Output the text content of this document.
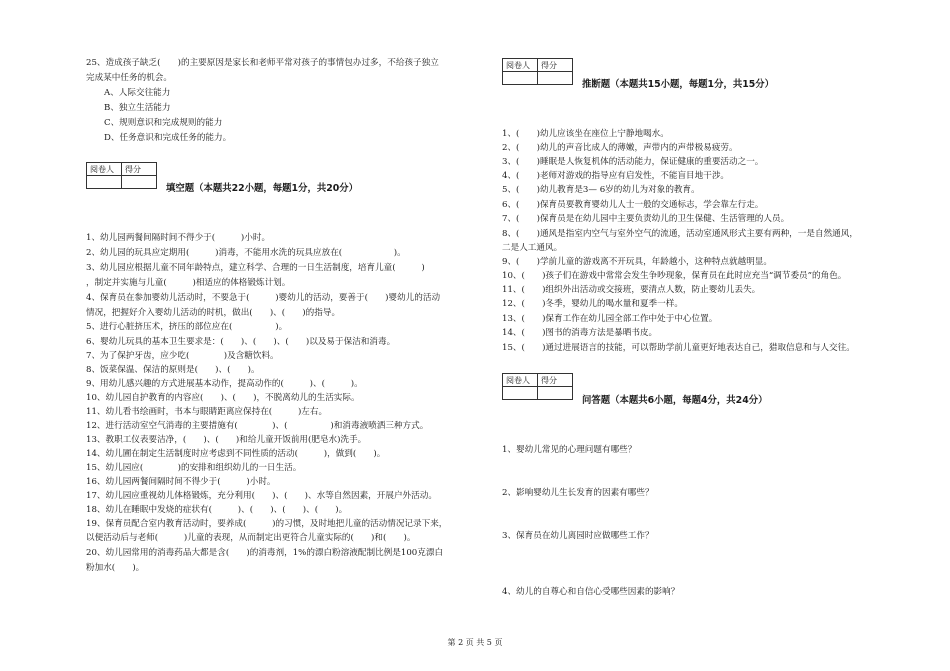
25、造成孩子缺乏(　　)的主要原因是家长和老师平常对孩子的事情包办过多，不给孩子独立
完成某中任务的机会。
A、人际交往能力
B、独立生活能力
C、规则意识和完成规则的能力
D、任务意识和完成任务的能力。
阅卷人	得分

填空题（本题共22小题，每题1分，共20分）
1、幼儿园两餐间隔时间不得少于(　　　)小时。
2、幼儿园的玩具应定期用(　　　)消毒，不能用水洗的玩具应放在(　　　　　　)。
3、幼儿园应根据儿童不同年龄特点，建立科学、合理的一日生活制度，培育儿童(　　　)
，制定并实施与儿童(　　　)相适应的体格锻炼计划。
4、保育员在参加婴幼儿活动时，不要急于(　　　)婴幼儿的活动，要善于(　　)婴幼儿的活动
情况，把握好介入婴幼儿活动的时机，做出(　　)、(　　)的指导。
5、进行心脏挤压术，挤压的部位应在(　　　　　)。
6、婴幼儿玩具的基本卫生要求是：(　　)、(　　)、(　　)以及易于保洁和消毒。
7、为了保护牙齿，应少吃(　　　　)及含糖饮料。
8、饭菜保温、保洁的原则是(　　)、(　　)。
9、用幼儿感兴趣的方式进展基本动作，提高动作的(　　　)、(　　　)。
10、幼儿园自护教育的内容应(　　)、(　　)，不脱离幼儿的生活实际。
11、幼儿看书绘画时，书本与眼睛距离应保持在(　　　)左右。
12、进行活动室空气消毒的主要措施有(　　　　)、(　　　　　)和消毒液喷洒三种方式。
13、教职工仪表要洁净，(　　)、(　　)和给儿童开饭前用(肥皂水)洗手。
14、幼儿圃在制定生活制度时应考虑到不同性质的活动(　　　)，做到(　　)。
15、幼儿园应(　　　　)的安排和组织幼儿的一日生活。
16、幼儿园两餐间隔时间不得少于(　　　)小时。
17、幼儿园应重视幼儿体格锻炼，充分利用(　　)、(　　)、水等自然因素，开展户外活动。
18、幼儿在睡眠中发烧的症状有(　　　)、(　　)、(　　)、(　　)。
19、保育员配合室内教育活动时，要养成(　　　)的习惯，及时地把儿童的活动情况记录下来，
以便活动后与老师(　　　)儿童的表现，从而制定出更符合儿童实际的(　　)和(　　)。
20、幼儿园常用的消毒药品大都是含(　　)的消毒剂，1%的漂白粉溶液配制比例是100克漂白
粉加水(　　)。
阅卷人	得分

推断题（本题共15小题，每题1分，共15分）
1、(　　)幼儿应该坐在座位上宁静地喝水。
2、(　　)幼儿的声音比成人的薄嫩，声带内的声带极易疲劳。
3、(　　)睡眠是人恢复机体的活动能力，保证健康的重要活动之一。
4、(　　)老师对游戏的指导应有启发性，不能盲目地干涉。
5、(　　)幼儿教育是3— 6岁的幼儿为对象的教育。
6、(　　)保育员要教育婴幼儿人士一般的交通标志，学会靠左行走。
7、(　　)保育员是在幼儿园中主要负责幼儿的卫生保健、生活管理的人员。
8、(　　)通风是指室内空气与室外空气的流通，活动室通风形式主要有两种，一是自然通风，
二是人工通风。
9、(　　)学前儿童的游戏离不开玩具，年龄越小，这种特点就越明显。
10、(　　)孩子们在游戏中常常会发生争吵现象，保育员在此时应充当“调节委员”的角色。
11、(　　)组织外出活动或交接班，要清点人数，防止婴幼儿丢失。
12、(　　)冬季，婴幼儿的喝水量和夏季一样。
13、(　　)保育工作在幼儿园全部工作中处于中心位置。
14、(　　)图书的消毒方法是暴晒书皮。
15、(　　)通过进展语言的技能，可以帮助学前儿童更好地表达自己，猎取信息和与人交往。
阅卷人	得分

问答题（本题共6小题，每题4分，共24分）
1、婴幼儿常见的心理问题有哪些？
2、影响婴幼儿生长发育的因素有哪些？
3、保育员在幼儿离园时应做哪些工作？
4、幼儿的自尊心和自信心受哪些因素的影响？
第 2 页 共 5 页
